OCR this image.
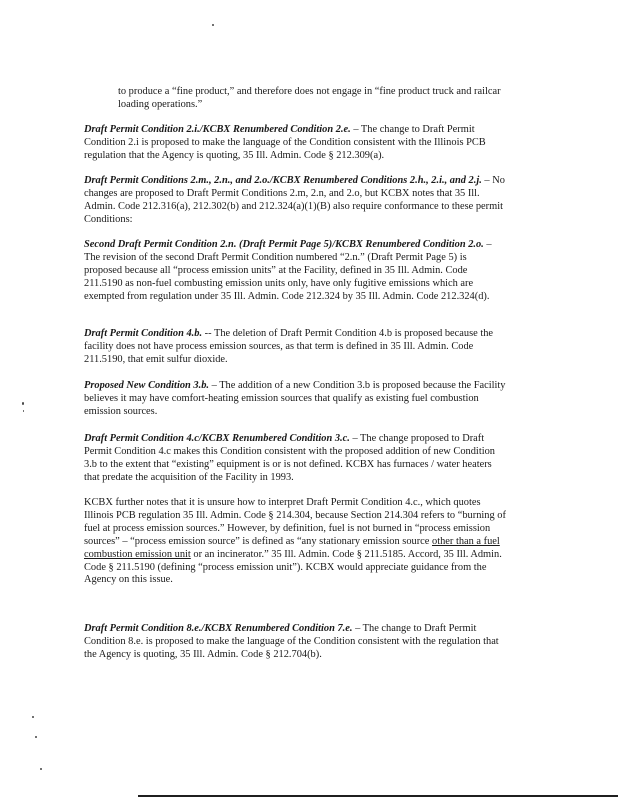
to produce a “fine product,” and therefore does not engage in “fine product truck and railcar loading operations.”

Draft Permit Condition 2.i./KCBX Renumbered Condition 2.e. – The change to Draft Permit Condition 2.i is proposed to make the language of the Condition consistent with the Illinois PCB regulation that the Agency is quoting, 35 Ill. Admin. Code § 212.309(a).

Draft Permit Conditions 2.m., 2.n., and 2.o./KCBX Renumbered Conditions 2.h., 2.i., and 2.j. – No changes are proposed to Draft Permit Conditions 2.m, 2.n, and 2.o, but KCBX notes that 35 Ill. Admin. Code 212.316(a), 212.302(b) and 212.324(a)(1)(B) also require conformance to these permit Conditions:

Second Draft Permit Condition 2.n. (Draft Permit Page 5)/KCBX Renumbered Condition 2.o. – The revision of the second Draft Permit Condition numbered “2.n.” (Draft Permit Page 5) is proposed because all “process emission units” at the Facility, defined in 35 Ill. Admin. Code 211.5190 as non-fuel combusting emission units only, have only fugitive emissions which are exempted from regulation under 35 Ill. Admin. Code 212.324 by 35 Ill. Admin. Code 212.324(d).

Draft Permit Condition 4.b. -- The deletion of Draft Permit Condition 4.b is proposed because the facility does not have process emission sources, as that term is defined in 35 Ill. Admin. Code 211.5190, that emit sulfur dioxide.

Proposed New Condition 3.b. – The addition of a new Condition 3.b is proposed because the Facility believes it may have comfort-heating emission sources that qualify as existing fuel combustion emission sources.

Draft Permit Condition 4.c/KCBX Renumbered Condition 3.c. – The change proposed to Draft Permit Condition 4.c makes this Condition consistent with the proposed addition of new Condition 3.b to the extent that “existing” equipment is or is not defined. KCBX has furnaces / water heaters that predate the acquisition of the Facility in 1993.

KCBX further notes that it is unsure how to interpret Draft Permit Condition 4.c., which quotes Illinois PCB regulation 35 Ill. Admin. Code § 214.304, because Section 214.304 refers to “burning of fuel at process emission sources.” However, by definition, fuel is not burned in “process emission sources” – “process emission source” is defined as “any stationary emission source other than a fuel combustion emission unit or an incinerator.” 35 Ill. Admin. Code § 211.5185. Accord, 35 Ill. Admin. Code § 211.5190 (defining “process emission unit”). KCBX would appreciate guidance from the Agency on this issue.

Draft Permit Condition 8.e./KCBX Renumbered Condition 7.e. – The change to Draft Permit Condition 8.e. is proposed to make the language of the Condition consistent with the regulation that the Agency is quoting, 35 Ill. Admin. Code § 212.704(b).
